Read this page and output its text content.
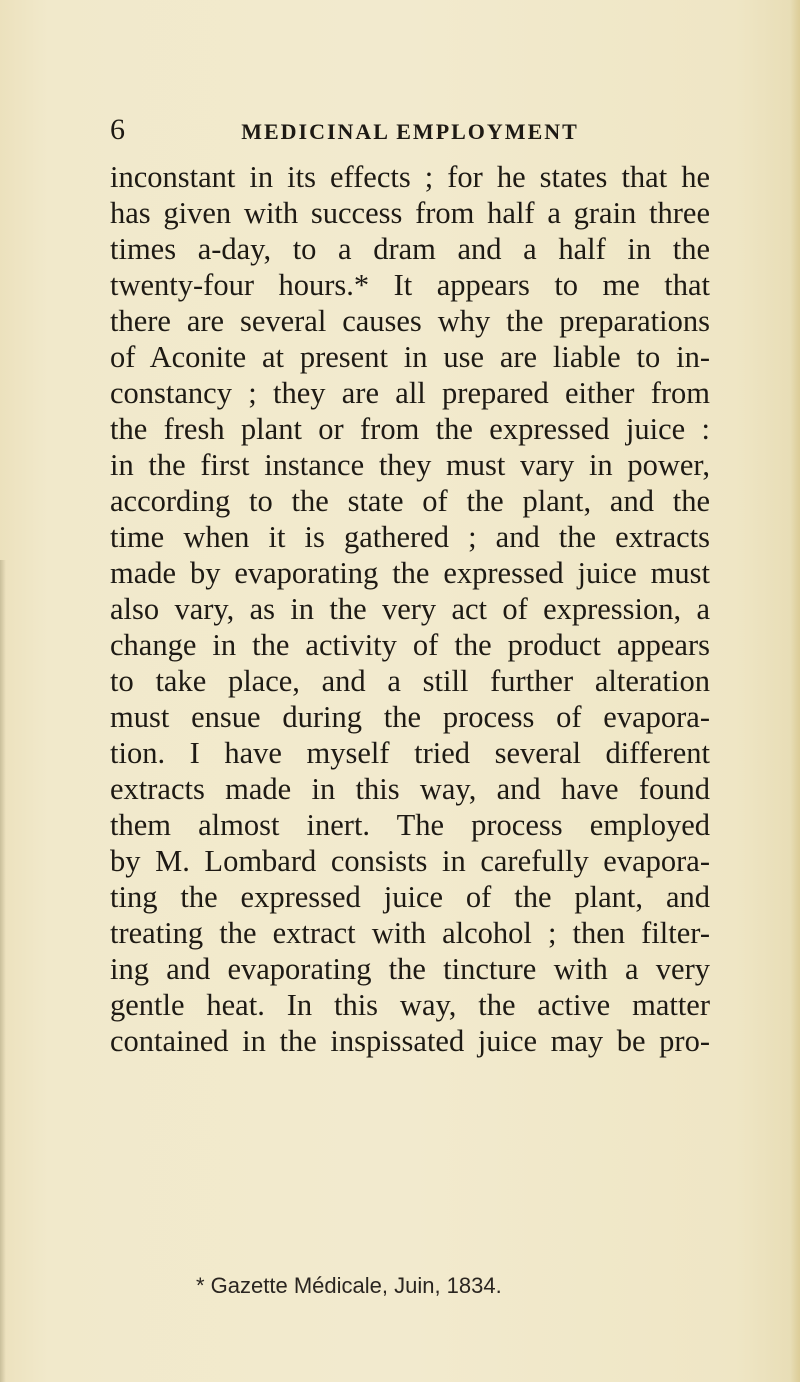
6	MEDICINAL EMPLOYMENT
inconstant in its effects ; for he states that he
has given with success from half a grain three
times a-day, to a dram and a half in the
twenty-four hours.* It appears to me that
there are several causes why the preparations
of Aconite at present in use are liable to in-
constancy ; they are all prepared either from
the fresh plant or from the expressed juice :
in the first instance they must vary in power,
according to the state of the plant, and the
time when it is gathered ; and the extracts
made by evaporating the expressed juice must
also vary, as in the very act of expression, a
change in the activity of the product appears
to take place, and a still further alteration
must ensue during the process of evapora-
tion. I have myself tried several different
extracts made in this way, and have found
them almost inert. The process employed
by M. Lombard consists in carefully evapora-
ting the expressed juice of the plant, and
treating the extract with alcohol ; then filter-
ing and evaporating the tincture with a very
gentle heat. In this way, the active matter
contained in the inspissated juice may be pro-
* Gazette Médicale, Juin, 1834.
